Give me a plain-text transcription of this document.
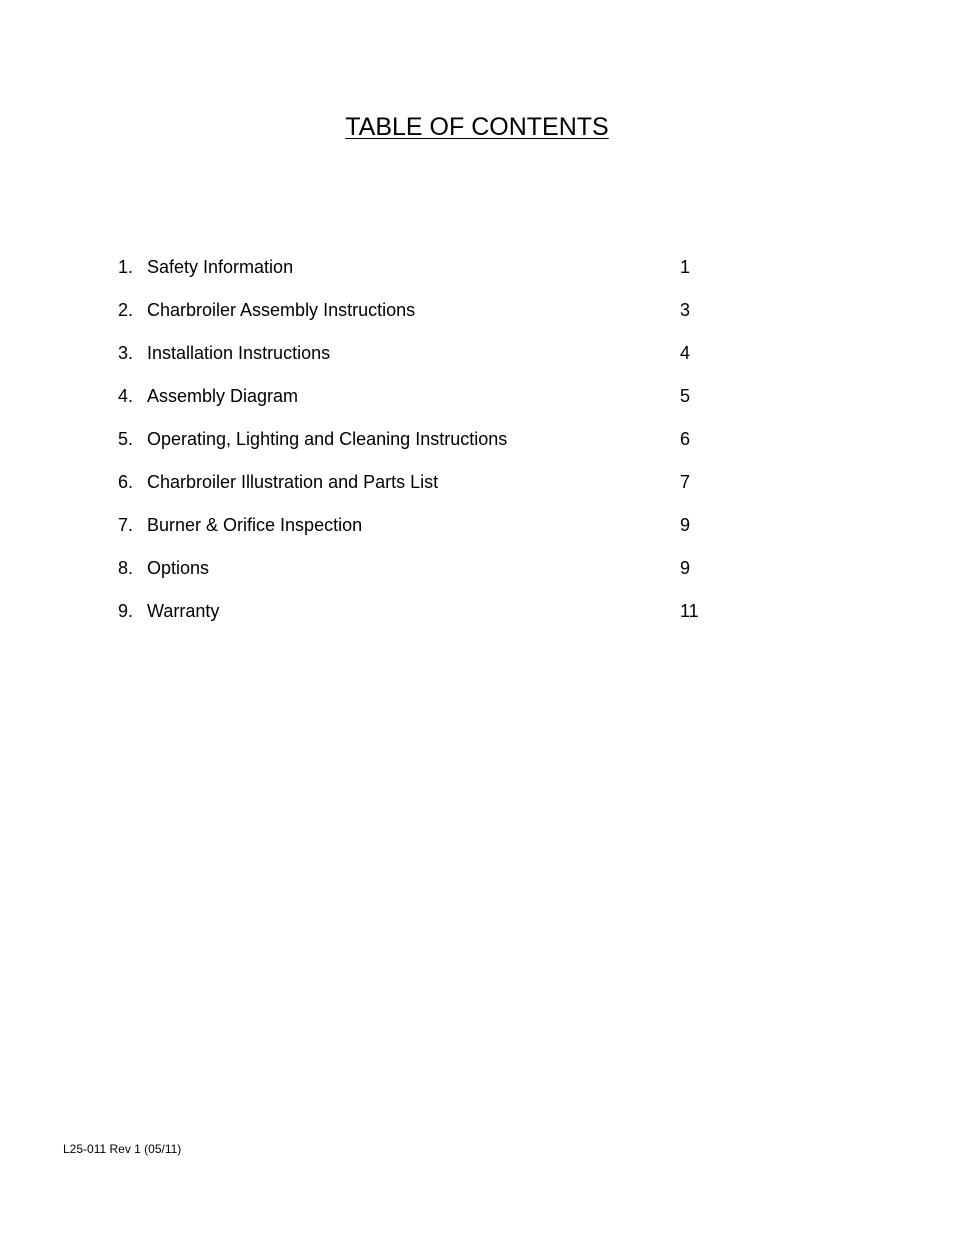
TABLE OF CONTENTS
1. Safety Information	1
2. Charbroiler Assembly Instructions	3
3. Installation Instructions	4
4. Assembly Diagram	5
5. Operating, Lighting and Cleaning Instructions	6
6. Charbroiler Illustration and Parts List	7
7. Burner & Orifice Inspection	9
8. Options	9
9. Warranty	11
L25-011 Rev 1 (05/11)
